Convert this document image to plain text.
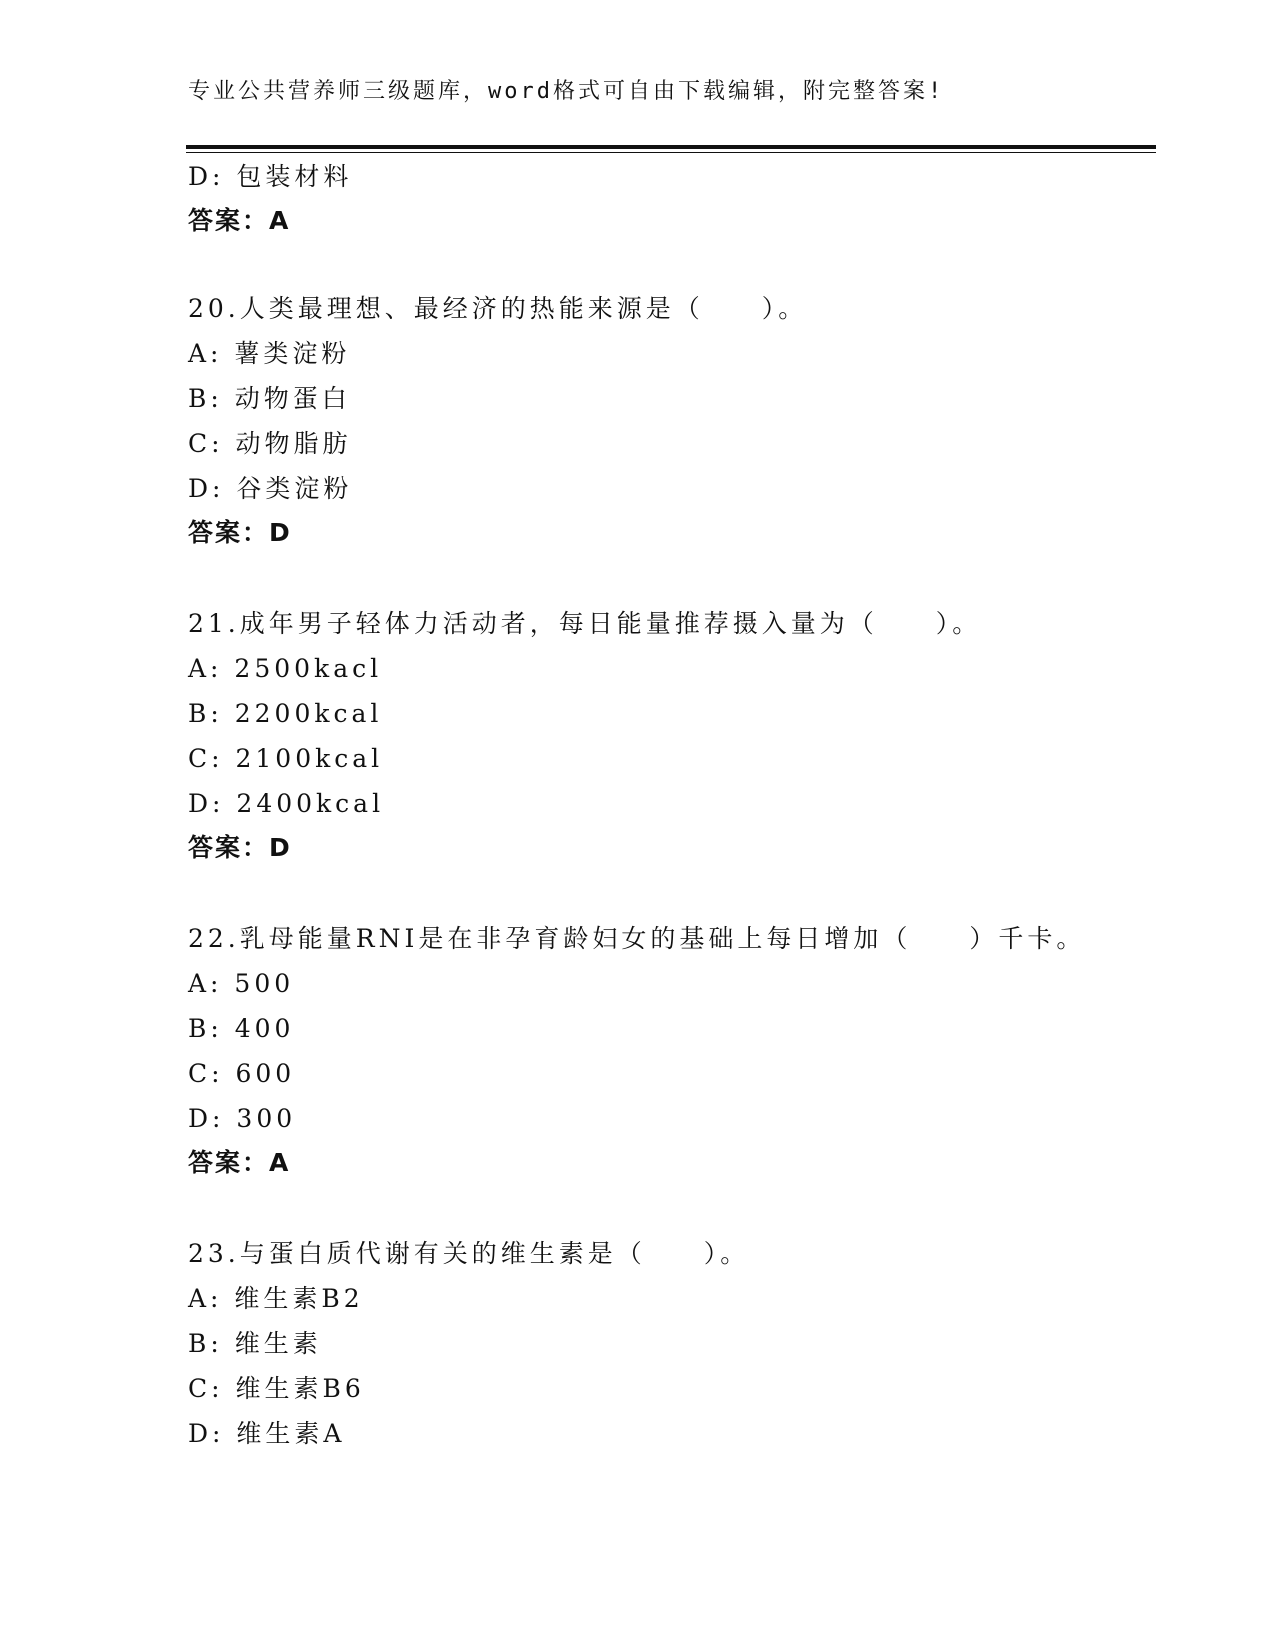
专业公共营养师三级题库，word格式可自由下载编辑，附完整答案!
D: 包装材料
答案：A
20.人类最理想、最经济的热能来源是（　　）。
A: 薯类淀粉
B: 动物蛋白
C: 动物脂肪
D: 谷类淀粉
答案：D
21.成年男子轻体力活动者，每日能量推荐摄入量为（　　）。
A: 2500kacl
B: 2200kcal
C: 2100kcal
D: 2400kcal
答案：D
22.乳母能量RNI是在非孕育龄妇女的基础上每日增加（　　）千卡。
A: 500
B: 400
C: 600
D: 300
答案：A
23.与蛋白质代谢有关的维生素是（　　）。
A: 维生素B2
B: 维生素
C: 维生素B6
D: 维生素A
